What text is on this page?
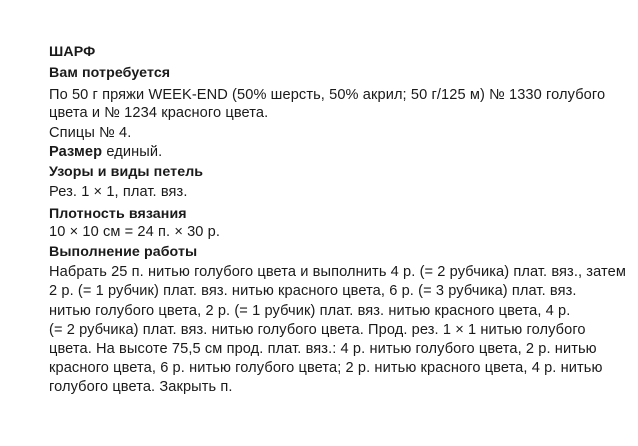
ШАРФ
Вам потребуется
По 50 г пряжи WEEK-END (50% шерсть, 50% акрил; 50 г/125 м) № 1330 голубого
цвета и № 1234 красного цвета.
Спицы № 4.
Размер единый.
Узоры и виды петель
Рез. 1 × 1, плат. вяз.
Плотность вязания
10 × 10 см = 24 п. × 30 р.
Выполнение работы
Набрать 25 п. нитью голубого цвета и выполнить 4 р. (= 2 рубчика) плат. вяз., затем
2 р. (= 1 рубчик) плат. вяз. нитью красного цвета, 6 р. (= 3 рубчика) плат. вяз.
нитью голубого цвета, 2 р. (= 1 рубчик) плат. вяз. нитью красного цвета, 4 р.
(= 2 рубчика) плат. вяз. нитью голубого цвета. Прод. рез. 1 × 1 нитью голубого
цвета. На высоте 75,5 см прод. плат. вяз.: 4 р. нитью голубого цвета, 2 р. нитью
красного цвета, 6 р. нитью голубого цвета; 2 р. нитью красного цвета, 4 р. нитью
голубого цвета. Закрыть п.
